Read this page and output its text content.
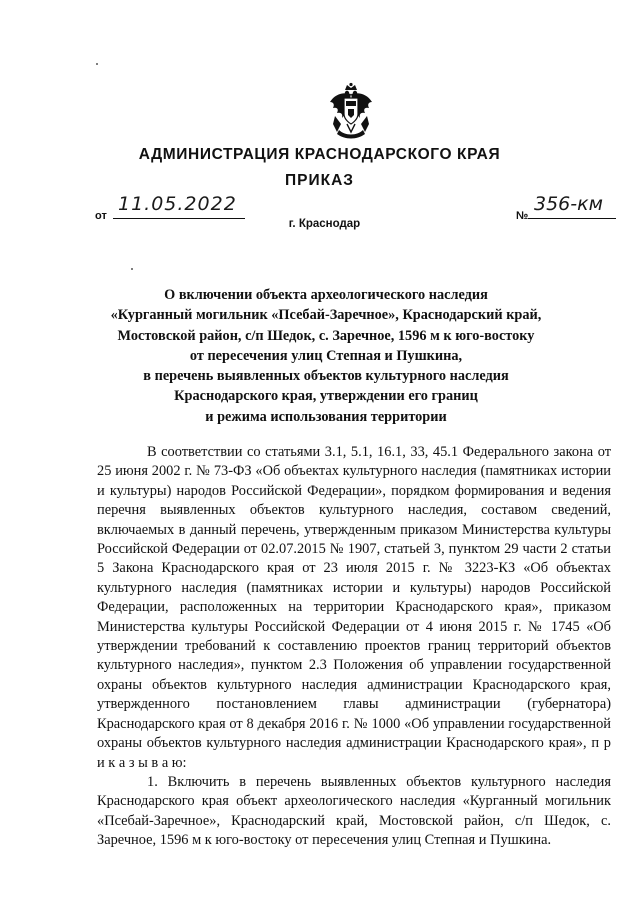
АДМИНИСТРАЦИЯ КРАСНОДАРСКОГО КРАЯ
ПРИКАЗ
от
11.05.2022
№
356-км
г. Краснодар
О включении объекта археологического наследия
«Курганный могильник «Псебай-Заречное», Краснодарский край,
Мостовской район, с/п Шедок, с. Заречное, 1596 м к юго-востоку
от пересечения улиц Степная и Пушкина,
в перечень выявленных объектов культурного наследия
Краснодарского края, утверждении его границ
и режима использования территории

В соответствии со статьями 3.1, 5.1, 16.1, 33, 45.1 Федерального закона от 25 июня 2002 г. № 73-ФЗ «Об объектах культурного наследия (памятниках истории и культуры) народов Российской Федерации», порядком формирования и ведения перечня выявленных объектов культурного наследия, составом сведений, включаемых в данный перечень, утвержденным приказом Министерства культуры Российской Федерации от 02.07.2015 № 1907, статьей 3, пунктом 29 части 2 статьи 5 Закона Краснодарского края от 23 июля 2015 г. № 3223-КЗ «Об объектах культурного наследия (памятниках истории и культуры) народов Российской Федерации, расположенных на территории Краснодарского края», приказом Министерства культуры Российской Федерации от 4 июня 2015 г. № 1745 «Об утверждении требований к составлению проектов границ территорий объектов культурного наследия», пунктом 2.3 Положения об управлении государственной охраны объектов культурного наследия администрации Краснодарского края, утвержденного постановлением главы администрации (губернатора) Краснодарского края от 8 декабря 2016 г. № 1000 «Об управлении государственной охраны объектов культурного наследия администрации Краснодарского края», п р и к а з ы в а ю:

1. Включить в перечень выявленных объектов культурного наследия Краснодарского края объект археологического наследия «Курганный могильник «Псебай-Заречное», Краснодарский край, Мостовской район, с/п Шедок, с. Заречное, 1596 м к юго-востоку от пересечения улиц Степная и Пушкина.
